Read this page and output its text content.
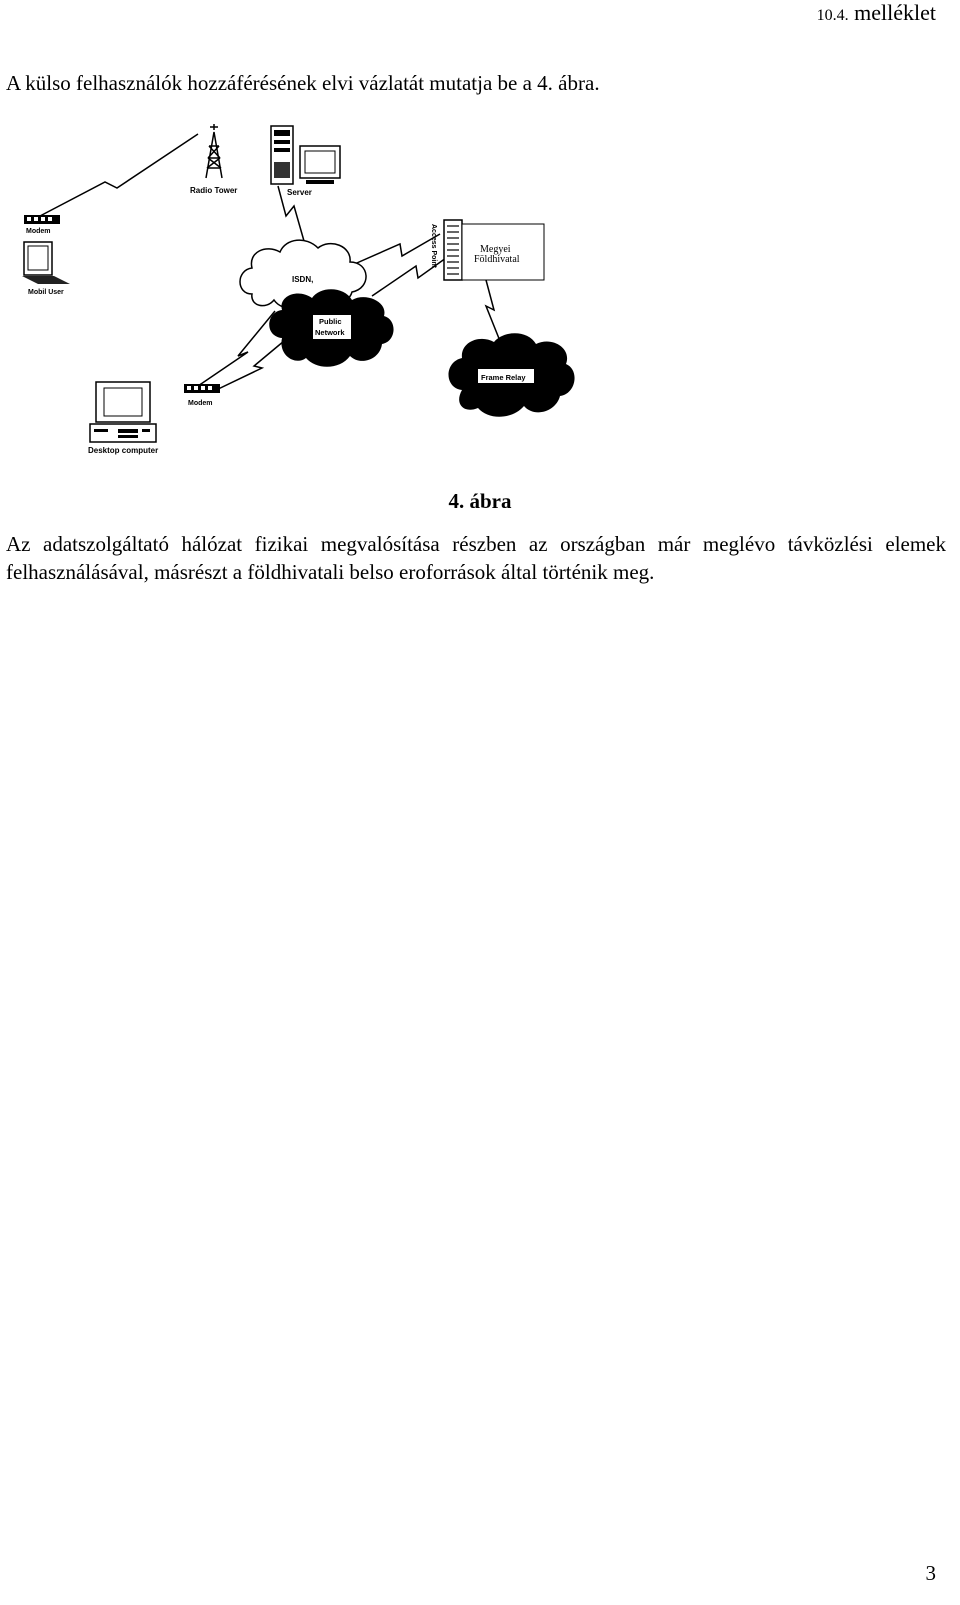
10.4. melléklet
A külso felhasználók hozzáférésének elvi vázlatát mutatja be a 4. ábra.
Radio Tower	Server
Modem
Mobil User
ISDN,
Public
Network
Access Point	Megyei
Földhivatal
Frame Relay
Modem
Desktop computer
4. ábra
Az adatszolgáltató hálózat fizikai megvalósítása részben az országban már meglévo távközlési elemek felhasználásával, másrészt a földhivatali belso eroforrások által történik meg.
3
